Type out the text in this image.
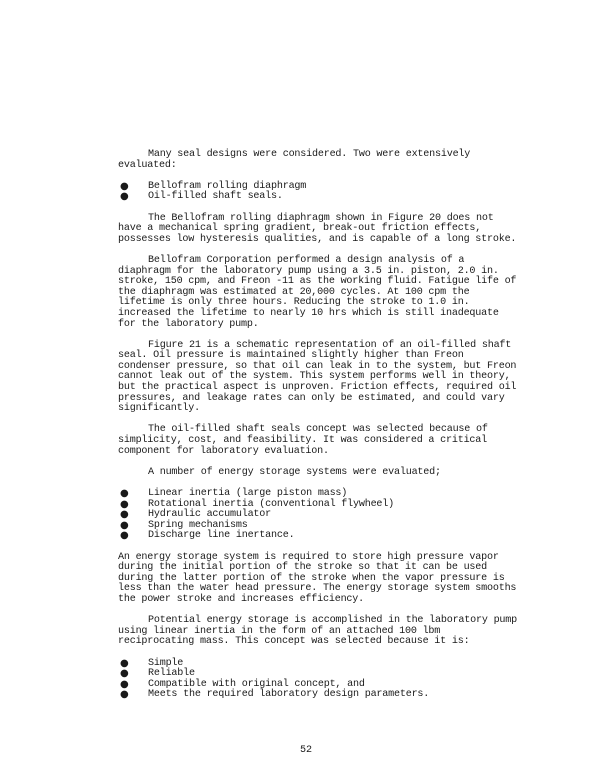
Many seal designs were considered. Two were extensively evaluated:

● Bellofram rolling diaphragm
● Oil-filled shaft seals.

The Bellofram rolling diaphragm shown in Figure 20 does not have a mechanical spring gradient, break-out friction effects, possesses low hysteresis qualities, and is capable of a long stroke.

Bellofram Corporation performed a design analysis of a diaphragm for the laboratory pump using a 3.5 in. piston, 2.0 in. stroke, 150 cpm, and Freon -11 as the working fluid. Fatigue life of the diaphragm was estimated at 20,000 cycles. At 100 cpm the lifetime is only three hours. Reducing the stroke to 1.0 in. increased the lifetime to nearly 10 hrs which is still inadequate for the laboratory pump.

Figure 21 is a schematic representation of an oil-filled shaft seal. Oil pressure is maintained slightly higher than Freon condenser pressure, so that oil can leak in to the system, but Freon cannot leak out of the system. This system performs well in theory, but the practical aspect is unproven. Friction effects, required oil pressures, and leakage rates can only be estimated, and could vary significantly.

The oil-filled shaft seals concept was selected because of simplicity, cost, and feasibility. It was considered a critical component for laboratory evaluation.

A number of energy storage systems were evaluated;

● Linear inertia (large piston mass)
● Rotational inertia (conventional flywheel)
● Hydraulic accumulator
● Spring mechanisms
● Discharge line inertance.

An energy storage system is required to store high pressure vapor during the initial portion of the stroke so that it can be used during the latter portion of the stroke when the vapor pressure is less than the water head pressure. The energy storage system smooths the power stroke and increases efficiency.

Potential energy storage is accomplished in the laboratory pump using linear inertia in the form of an attached 100 lbm reciprocating mass. This concept was selected because it is:

● Simple
● Reliable
● Compatible with original concept, and
● Meets the required laboratory design parameters.
52
